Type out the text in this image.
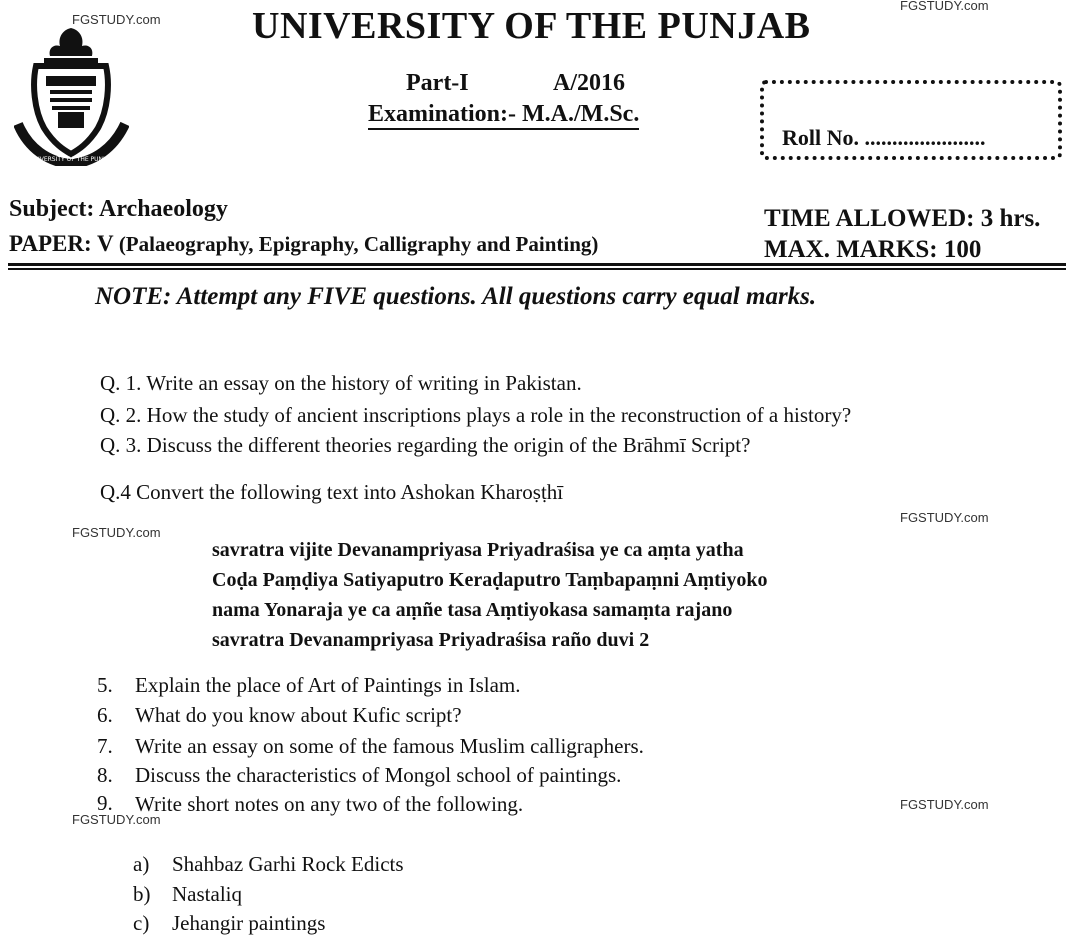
FGSTUDY.com
FGSTUDY.com
FGSTUDY.com
FGSTUDY.com
FGSTUDY.com
FGSTUDY.com
UNIVERSITY OF THE PUNJAB
UNIVERSITY OF THE PUNJAB
Part-I	A/2016
Examination:- M.A./M.Sc.
Roll No. ......................
Subject: Archaeology
PAPER: V (Palaeography, Epigraphy, Calligraphy and Painting)
TIME ALLOWED: 3 hrs.
MAX. MARKS: 100
NOTE: Attempt any FIVE questions. All questions carry equal marks.
Q. 1. Write an essay on the history of writing in Pakistan.
Q. 2. How the study of ancient inscriptions plays a role in the reconstruction of a history?
Q. 3. Discuss the different theories regarding the origin of the Brāhmī Script?
Q.4 Convert the following text into Ashokan Kharoṣṭhī
savratra vijite Devanampriyasa Priyadraśisa ye ca aṃta yatha
Coḍa Paṃḍiya Satiyaputro Keraḍaputro Taṃbapaṃni Aṃtiyoko
nama Yonaraja ye ca aṃñe tasa Aṃtiyokasa samaṃta rajano
savratra Devanampriyasa Priyadraśisa raño duvi 2
5. Explain the place of Art of Paintings in Islam.
6. What do you know about Kufic script?
7. Write an essay on some of the famous Muslim calligraphers.
8. Discuss the characteristics of Mongol school of paintings.
9. Write short notes on any two of the following.
a) Shahbaz Garhi Rock Edicts
b) Nastaliq
c) Jehangir paintings
